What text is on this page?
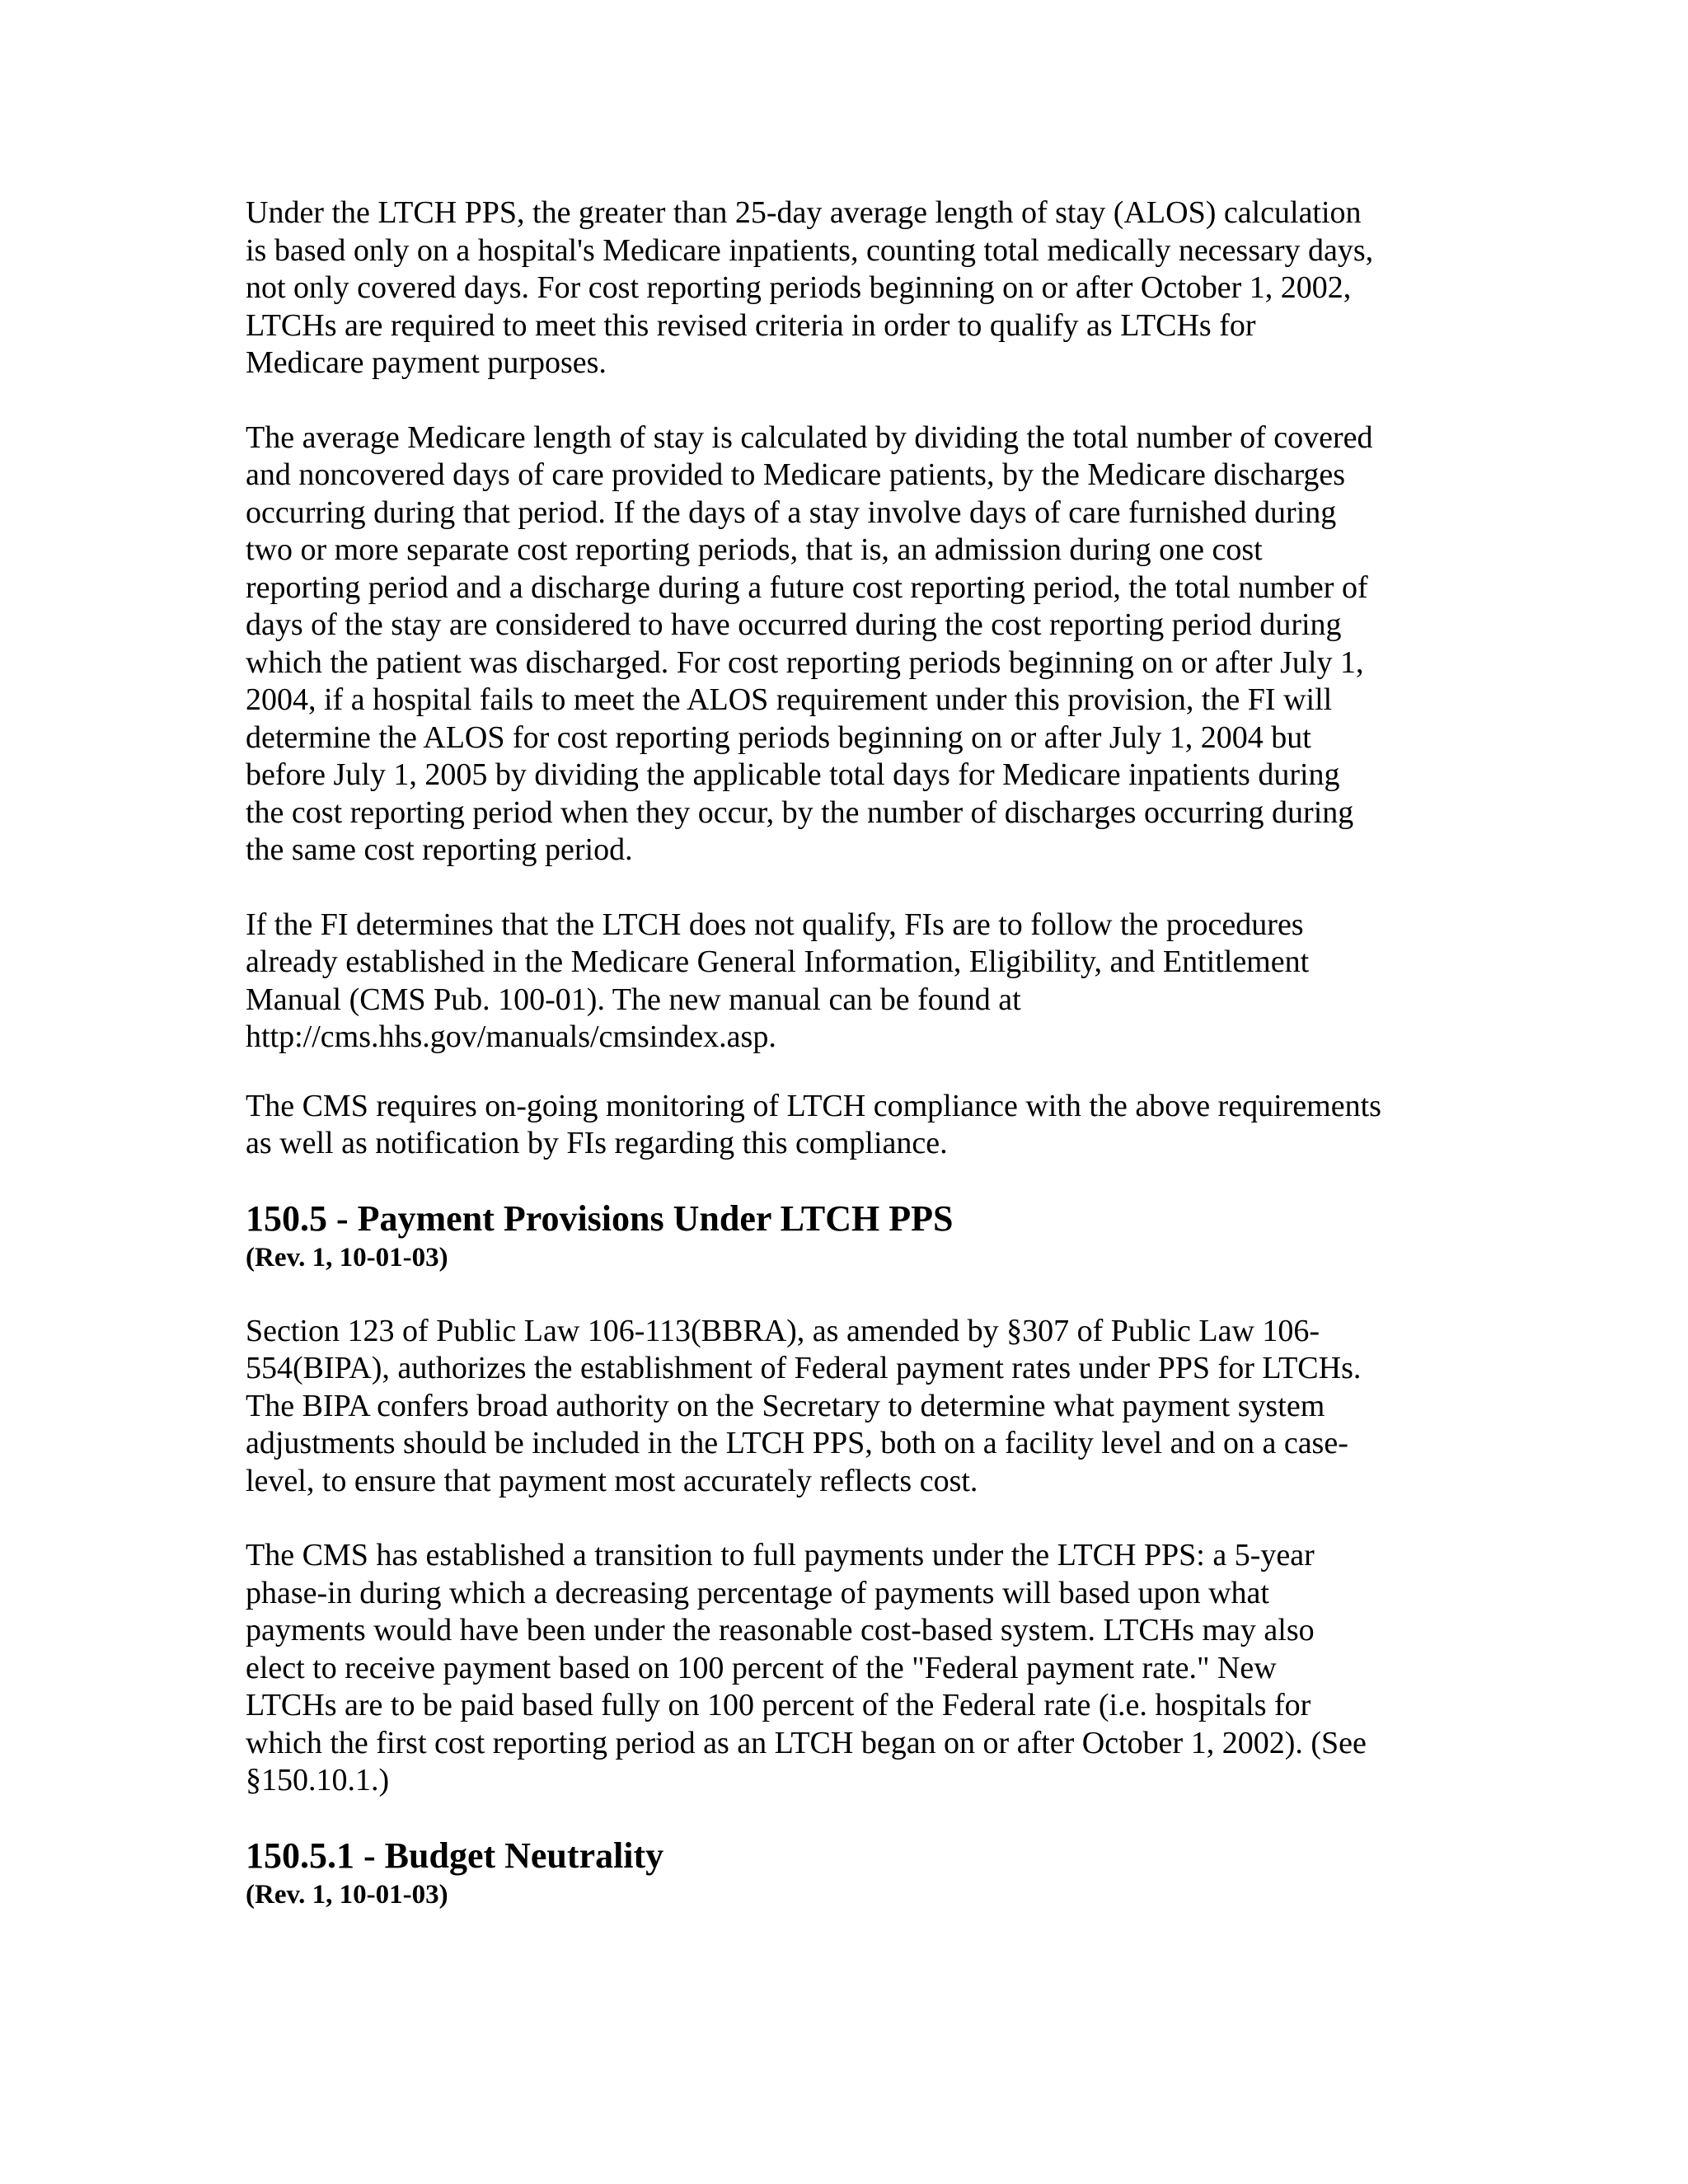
Under the LTCH PPS, the greater than 25-day average length of stay (ALOS) calculation
is based only on a hospital's Medicare inpatients, counting total medically necessary days,
not only covered days. For cost reporting periods beginning on or after October 1, 2002,
LTCHs are required to meet this revised criteria in order to qualify as LTCHs for
Medicare payment purposes.

The average Medicare length of stay is calculated by dividing the total number of covered
and noncovered days of care provided to Medicare patients, by the Medicare discharges
occurring during that period. If the days of a stay involve days of care furnished during
two or more separate cost reporting periods, that is, an admission during one cost
reporting period and a discharge during a future cost reporting period, the total number of
days of the stay are considered to have occurred during the cost reporting period during
which the patient was discharged. For cost reporting periods beginning on or after July 1,
2004, if a hospital fails to meet the ALOS requirement under this provision, the FI will
determine the ALOS for cost reporting periods beginning on or after July 1, 2004 but
before July 1, 2005 by dividing the applicable total days for Medicare inpatients during
the cost reporting period when they occur, by the number of discharges occurring during
the same cost reporting period.

If the FI determines that the LTCH does not qualify, FIs are to follow the procedures
already established in the Medicare General Information, Eligibility, and Entitlement
Manual (CMS Pub. 100-01). The new manual can be found at
http://cms.hhs.gov/manuals/cmsindex.asp.

The CMS requires on-going monitoring of LTCH compliance with the above requirements
as well as notification by FIs regarding this compliance.

150.5 - Payment Provisions Under LTCH PPS

(Rev. 1, 10-01-03)

Section 123 of Public Law 106-113(BBRA), as amended by §307 of Public Law 106-
554(BIPA), authorizes the establishment of Federal payment rates under PPS for LTCHs.
The BIPA confers broad authority on the Secretary to determine what payment system
adjustments should be included in the LTCH PPS, both on a facility level and on a case-
level, to ensure that payment most accurately reflects cost.

The CMS has established a transition to full payments under the LTCH PPS: a 5-year
phase-in during which a decreasing percentage of payments will based upon what
payments would have been under the reasonable cost-based system. LTCHs may also
elect to receive payment based on 100 percent of the "Federal payment rate." New
LTCHs are to be paid based fully on 100 percent of the Federal rate (i.e. hospitals for
which the first cost reporting period as an LTCH began on or after October 1, 2002). (See
§150.10.1.)

150.5.1 - Budget Neutrality

(Rev. 1, 10-01-03)
